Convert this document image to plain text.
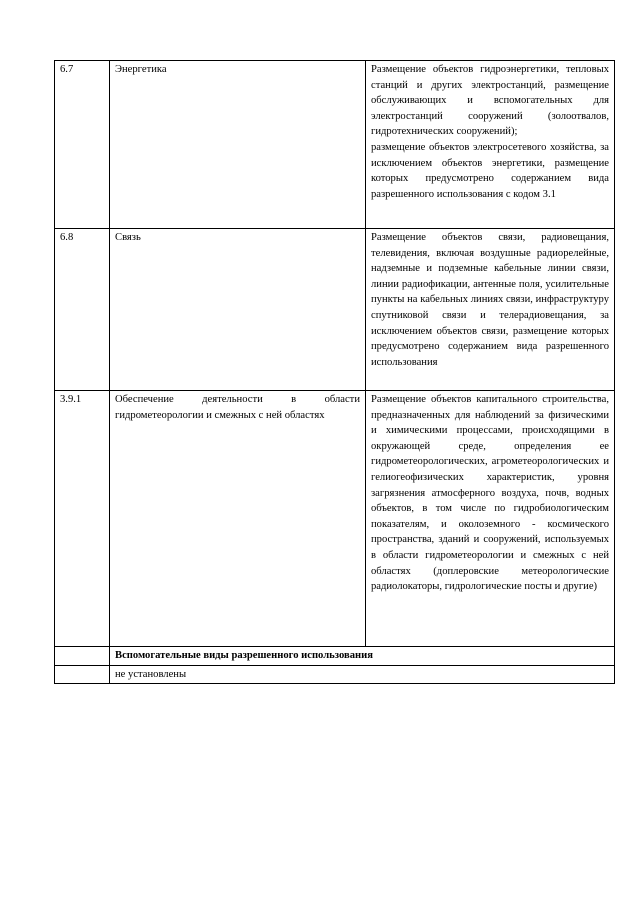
6.7	Энергетика	Размещение объектов гидроэнергетики, тепловых станций и других электростанций, размещение обслуживающих и вспомогательных для электростанций сооружений (золоотвалов, гидротехнических сооружений);
размещение объектов электросетевого хозяйства, за исключением объектов энергетики, размещение которых предусмотрено содержанием вида разрешенного использования с кодом 3.1

6.8	Связь	Размещение объектов связи, радиовещания, телевидения, включая воздушные радиорелейные, надземные и подземные кабельные линии связи, линии радиофикации, антенные поля, усилительные пункты на кабельных линиях связи, инфраструктуру спутниковой связи и телерадиовещания, за исключением объектов связи, размещение которых предусмотрено содержанием вида разрешенного использования

3.9.1	Обеспечение деятельности в области гидрометеорологии и смежных с ней областях	Размещение объектов капитального строительства, предназначенных для наблюдений за физическими и химическими процессами, происходящими в окружающей среде, определения ее гидрометеорологических, агрометеорологических и гелиогеофизических характеристик, уровня загрязнения атмосферного воздуха, почв, водных объектов, в том числе по гидробиологическим показателям, и околоземного - космического пространства, зданий и сооружений, используемых в области гидрометеорологии и смежных с ней областях (доплеровские метеорологические радиолокаторы, гидрологические посты и другие)

	Вспомогательные виды разрешенного использования	
	не установлены	
